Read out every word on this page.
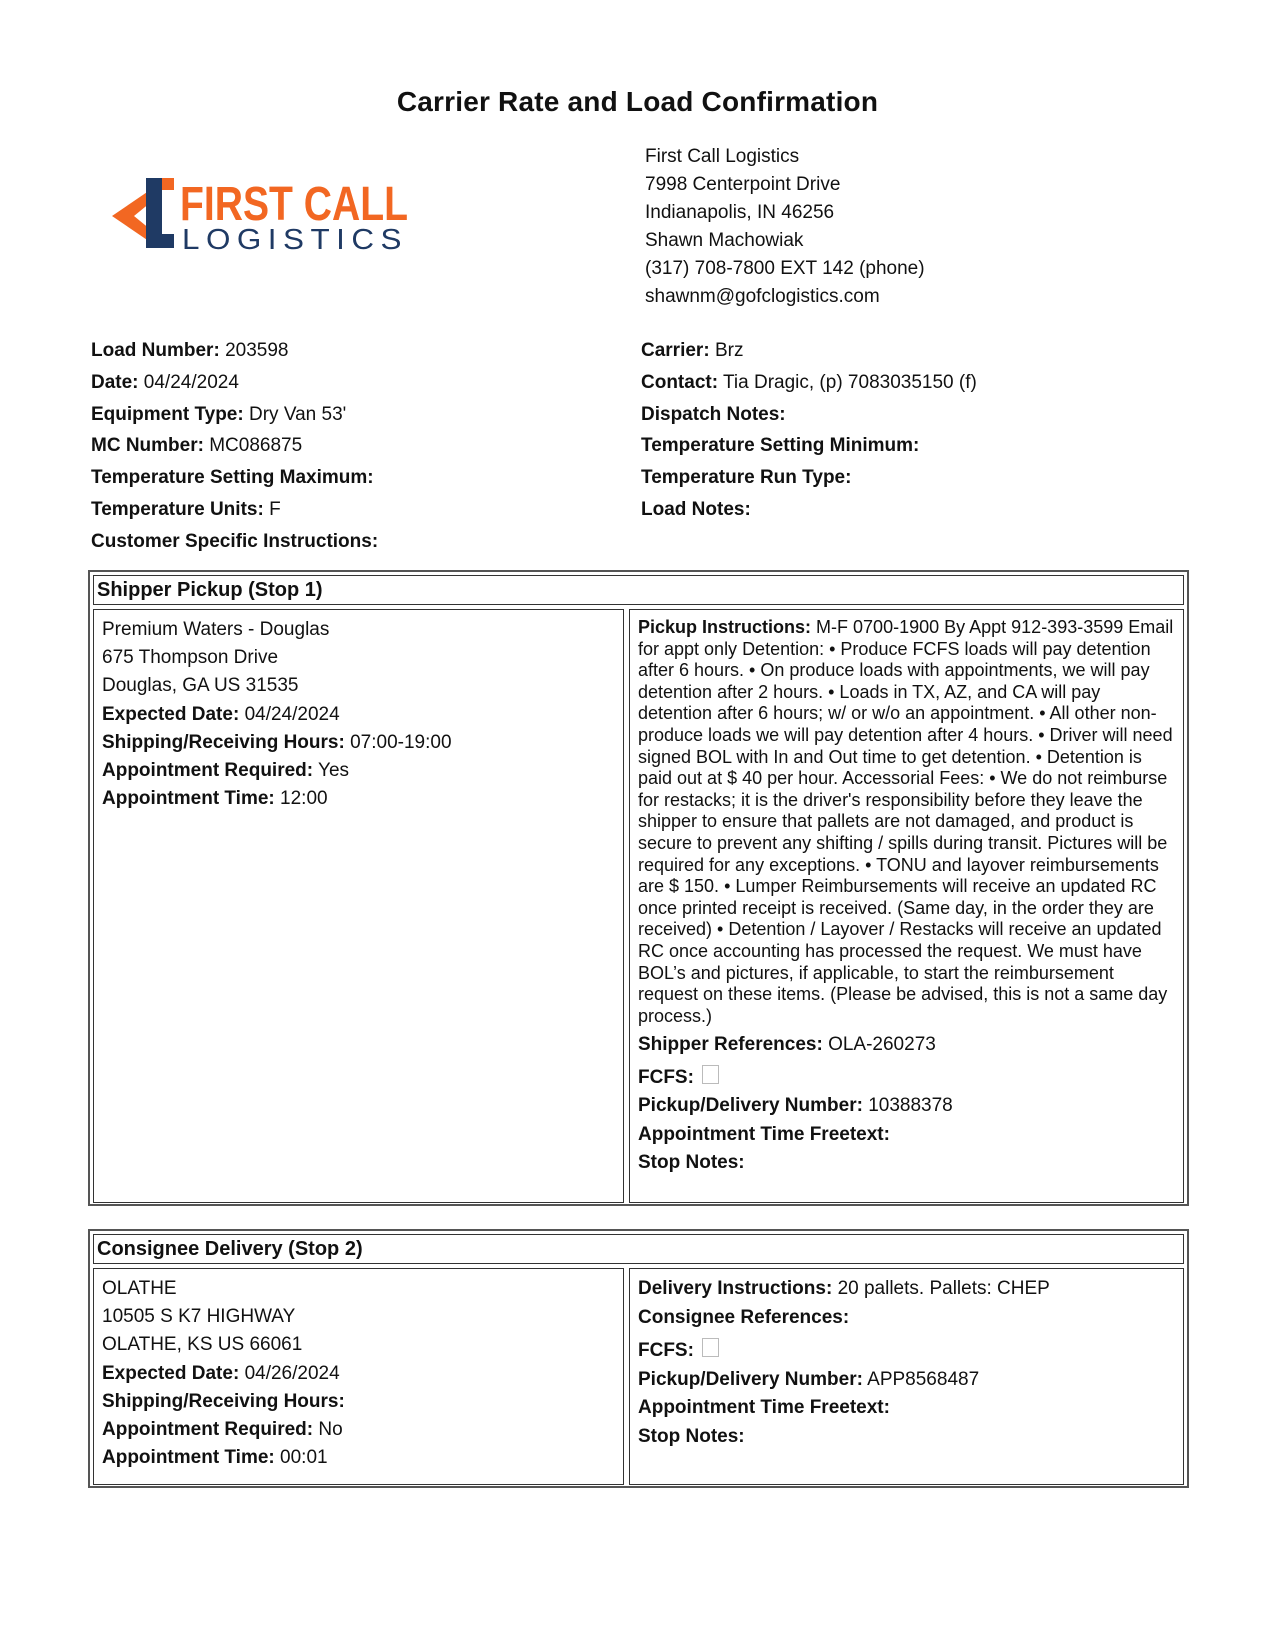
Carrier Rate and Load Confirmation
FIRST CALL
LOGISTICS
First Call Logistics
7998 Centerpoint Drive
Indianapolis, IN 46256
Shawn Machowiak
(317) 708-7800 EXT 142 (phone)
shawnm@gofclogistics.com
Load Number: 203598
Date: 04/24/2024
Equipment Type: Dry Van 53'
MC Number: MC086875
Temperature Setting Maximum:
Temperature Units: F
Customer Specific Instructions:
Carrier: Brz
Contact: Tia Dragic, (p) 7083035150 (f)
Dispatch Notes:
Temperature Setting Minimum:
Temperature Run Type:
Load Notes:
Shipper Pickup (Stop 1)
Premium Waters - Douglas
675 Thompson Drive
Douglas, GA US 31535
Expected Date: 04/24/2024
Shipping/Receiving Hours: 07:00-19:00
Appointment Required: Yes
Appointment Time: 12:00
Pickup Instructions: M-F 0700-1900 By Appt 912-393-3599 Email for appt only Detention: • Produce FCFS loads will pay detention after 6 hours. • On produce loads with appointments, we will pay detention after 2 hours. • Loads in TX, AZ, and CA will pay detention after 6 hours; w/ or w/o an appointment. • All other non-produce loads we will pay detention after 4 hours. • Driver will need signed BOL with In and Out time to get detention. • Detention is paid out at $ 40 per hour. Accessorial Fees: • We do not reimburse for restacks; it is the driver's responsibility before they leave the shipper to ensure that pallets are not damaged, and product is secure to prevent any shifting / spills during transit. Pictures will be required for any exceptions. • TONU and layover reimbursements are $ 150. • Lumper Reimbursements will receive an updated RC once printed receipt is received. (Same day, in the order they are received) • Detention / Layover / Restacks will receive an updated RC once accounting has processed the request. We must have BOL’s and pictures, if applicable, to start the reimbursement request on these items. (Please be advised, this is not a same day process.)
Shipper References: OLA-260273
FCFS:
Pickup/Delivery Number: 10388378
Appointment Time Freetext:
Stop Notes:
Consignee Delivery (Stop 2)
OLATHE
10505 S K7 HIGHWAY
OLATHE, KS US 66061
Expected Date: 04/26/2024
Shipping/Receiving Hours:
Appointment Required: No
Appointment Time: 00:01
Delivery Instructions: 20 pallets. Pallets: CHEP
Consignee References:
FCFS:
Pickup/Delivery Number: APP8568487
Appointment Time Freetext:
Stop Notes:
